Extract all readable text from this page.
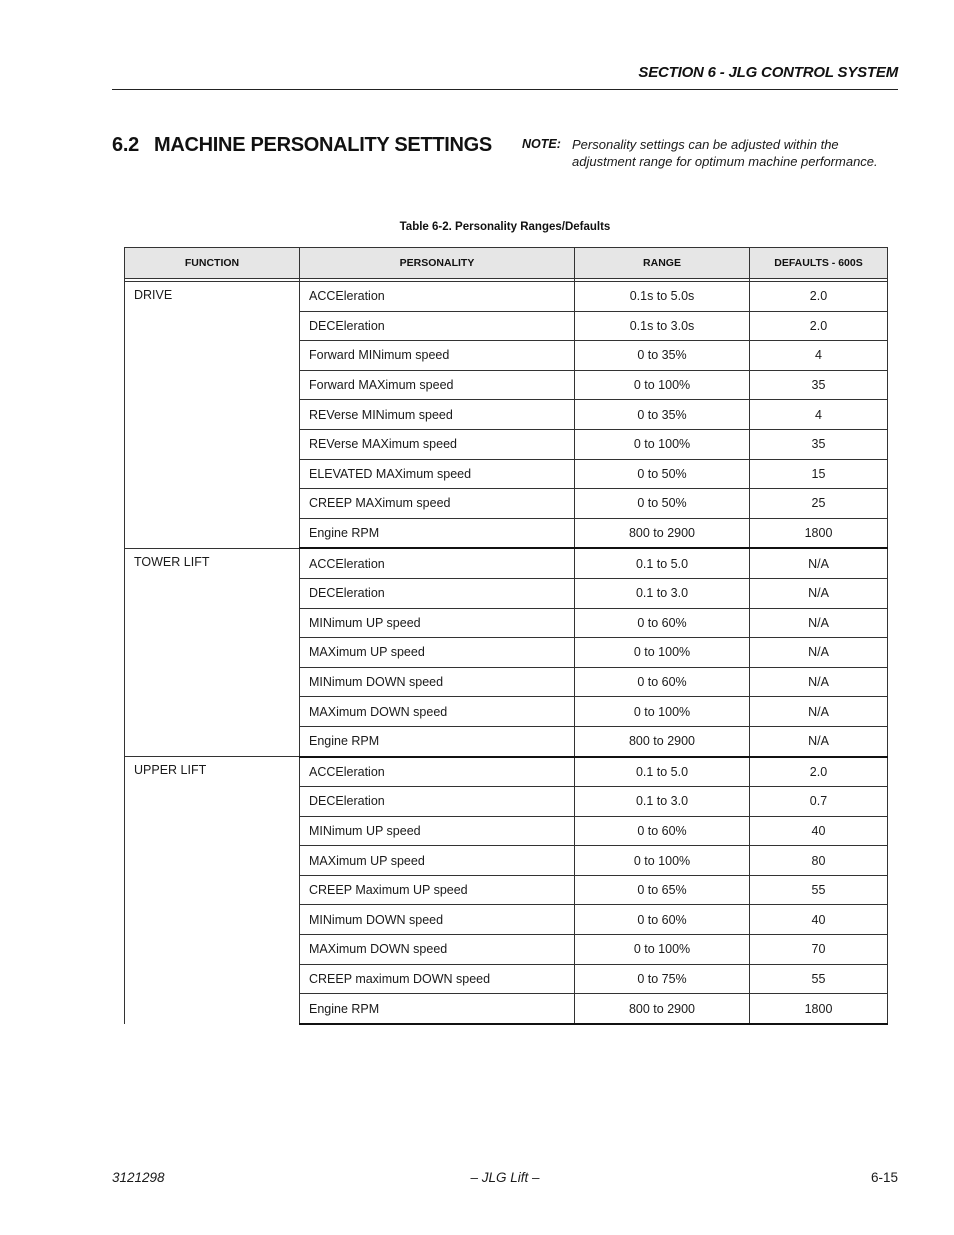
SECTION 6 - JLG CONTROL SYSTEM
6.2 MACHINE PERSONALITY SETTINGS NOTE: Personality settings can be adjusted within the adjustment range for optimum machine performance.
Table 6-2. Personality Ranges/Defaults
FUNCTION	PERSONALITY	RANGE	DEFAULTS - 600S

DRIVE	ACCEleration	0.1s to 5.0s	2.0
	DECEleration	0.1s to 3.0s	2.0
	Forward MINimum speed	0 to 35%	4
	Forward MAXimum speed	0 to 100%	35
	REVerse MINimum speed	0 to 35%	4
	REVerse MAXimum speed	0 to 100%	35
	ELEVATED MAXimum speed	0 to 50%	15
	CREEP MAXimum speed	0 to 50%	25
	Engine RPM	800 to 2900	1800
TOWER LIFT	ACCEleration	0.1 to 5.0	N/A
	DECEleration	0.1 to 3.0	N/A
	MINimum UP speed	0 to 60%	N/A
	MAXimum UP speed	0 to 100%	N/A
	MINimum DOWN speed	0 to 60%	N/A
	MAXimum DOWN speed	0 to 100%	N/A
	Engine RPM	800 to 2900	N/A
UPPER LIFT	ACCEleration	0.1 to 5.0	2.0
	DECEleration	0.1 to 3.0	0.7
	MINimum UP speed	0 to 60%	40
	MAXimum UP speed	0 to 100%	80
	CREEP Maximum UP speed	0 to 65%	55
	MINimum DOWN speed	0 to 60%	40
	MAXimum DOWN speed	0 to 100%	70
	CREEP maximum DOWN speed	0 to 75%	55
	Engine RPM	800 to 2900	1800
3121298	– JLG Lift –	6-15
